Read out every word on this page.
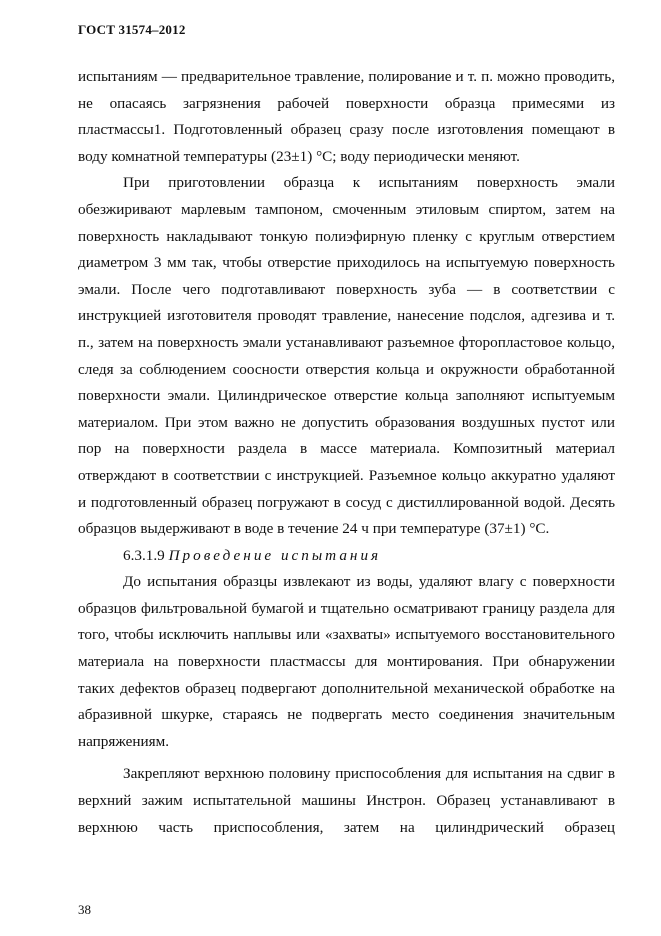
ГОСТ 31574–2012

испытаниям — предварительное травление, полирование и т. п. можно проводить, не опасаясь загрязнения рабочей поверхности образца примесями из пластмассы1. Подготовленный образец сразу после изготовления помещают в воду комнатной температуры (23±1) °С; воду периодически меняют.

При приготовлении образца к испытаниям поверхность эмали обезжиривают марлевым тампоном, смоченным этиловым спиртом, затем на поверхность накладывают тонкую полиэфирную пленку с круглым отверстием диаметром 3 мм так, чтобы отверстие приходилось на испытуемую поверхность эмали. После чего подготавливают поверхность зуба — в соответствии с инструкцией изготовителя проводят травление, нанесение подслоя, адгезива и т. п., затем на поверхность эмали устанавливают разъемное фторопластовое кольцо, следя за соблюдением соосности отверстия кольца и окружности обработанной поверхности эмали. Цилиндрическое отверстие кольца заполняют испытуемым материалом. При этом важно не допустить образования воздушных пустот или пор на поверхности раздела в массе материала. Композитный материал отверждают в соответствии с инструкцией. Разъемное кольцо аккуратно удаляют и подготовленный образец погружают в сосуд с дистиллированной водой. Десять образцов выдерживают в воде в течение 24 ч при температуре (37±1) °С.

6.3.1.9 Проведение испытания

До испытания образцы извлекают из воды, удаляют влагу с поверхности образцов фильтровальной бумагой и тщательно осматривают границу раздела для того, чтобы исключить наплывы или «захваты» испытуемого восстановительного материала на поверхности пластмассы для монтирования. При обнаружении таких дефектов образец подвергают дополнительной механической обработке на абразивной шкурке, стараясь не подвергать место соединения значительным напряжениям.

Закрепляют верхнюю половину приспособления для испытания на сдвиг в верхний зажим испытательной машины Инстрон. Образец устанавливают в верхнюю часть приспособления, затем на цилиндрический образец

38
